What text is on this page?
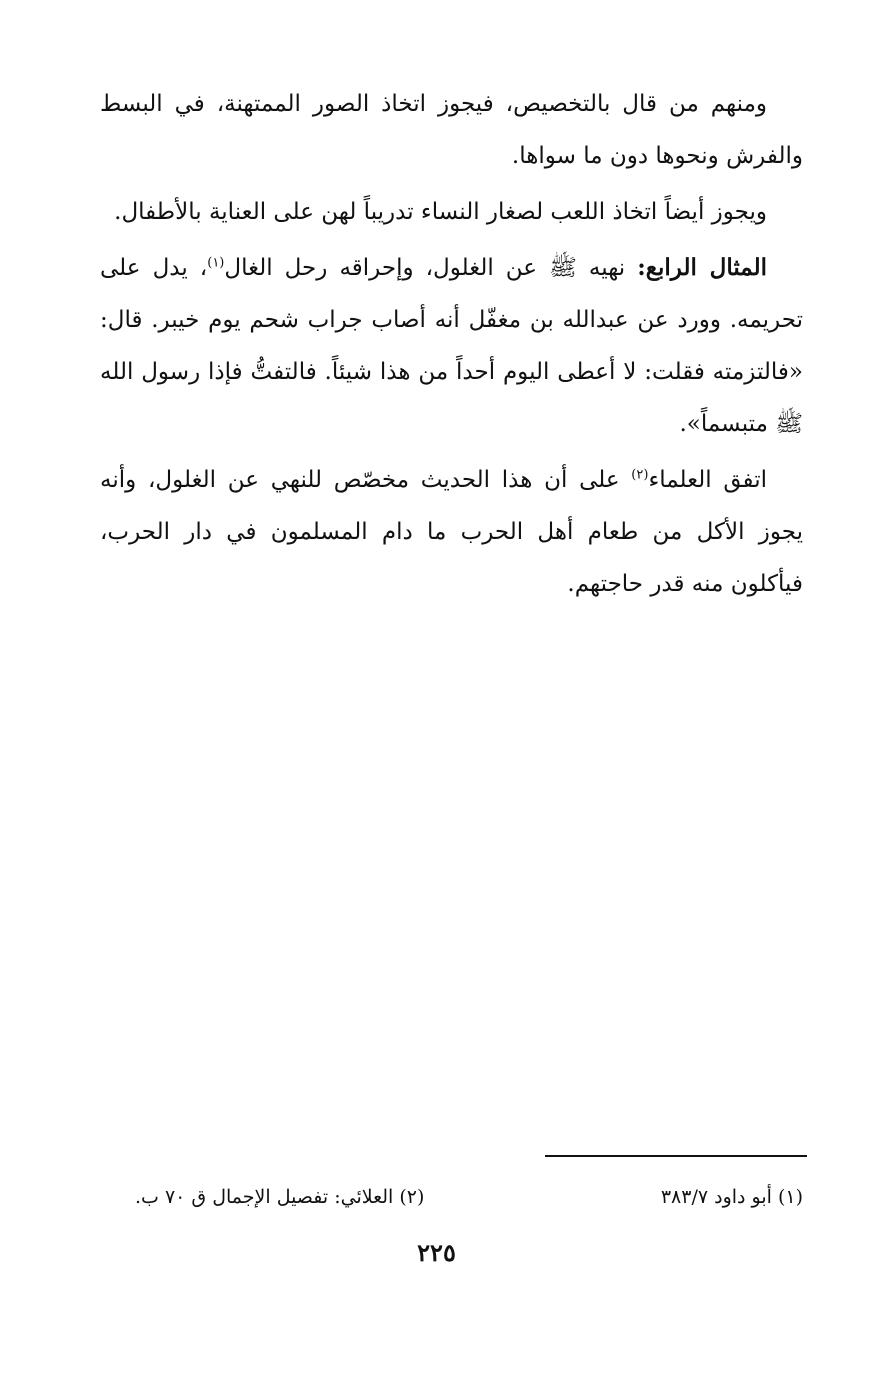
ومنهم من قال بالتخصيص، فيجوز اتخاذ الصور الممتهنة، في البسط والفرش ونحوها دون ما سواها.

ويجوز أيضاً اتخاذ اللعب لصغار النساء تدريباً لهن على العناية بالأطفال.

المثال الرابع: نهيه ﷺ عن الغلول، وإحراقه رحل الغال$^{(١)}$، يدل على تحريمه. وورد عن عبدالله بن مغفّل أنه أصاب جراب شحم يوم خيبر. قال: «فالتزمته فقلت: لا أعطى اليوم أحداً من هذا شيئاً. فالتفتُّ فإذا رسول الله ﷺ متبسماً».

اتفق العلماء$^{(٢)}$ على أن هذا الحديث مخصّص للنهي عن الغلول، وأنه يجوز الأكل من طعام أهل الحرب ما دام المسلمون في دار الحرب، فيأكلون منه قدر حاجتهم.

(١) أبو داود ٣٨٣/٧
(٢) العلائي: تفصيل الإجمال ق ٧٠ ب.
٢٢٥
